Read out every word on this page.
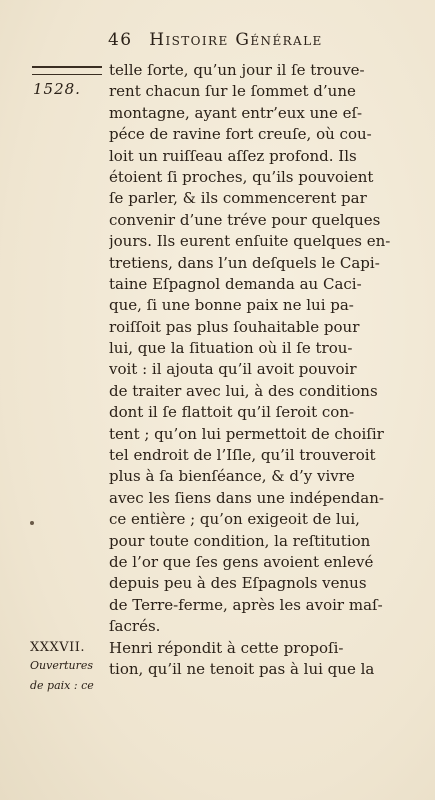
46 Histoire Générale
1528.
telle ſorte, qu’un jour il ſe trouve-
rent chacun ſur le ſommet d’une
montagne, ayant entr’eux une eſ-
péce de ravine fort creuſe, où cou-
loit un ruiſſeau aſſez profond. Ils
étoient ſi proches, qu’ils pouvoient
ſe parler, & ils commencerent par
convenir d’une tréve pour quelques
jours. Ils eurent enſuite quelques en-
tretiens, dans l’un deſquels le Capi-
taine Eſpagnol demanda au Caci-
que, ſi une bonne paix ne lui pa-
roiſſoit pas plus ſouhaitable pour
lui, que la ſituation où il ſe trou-
voit : il ajouta qu’il avoit pouvoir
de traiter avec lui, à des conditions
dont il ſe flattoit qu’il ſeroit con-
tent ; qu’on lui permettoit de choiſir
tel endroit de l’Iſle, qu’il trouveroit
plus à ſa bienſéance, & d’y vivre
avec les ſiens dans une indépendan-
ce entière ; qu’on exigeoit de lui,
pour toute condition, la reſtitution
de l’or que ſes gens avoient enlevé
depuis peu à des Eſpagnols venus
de Terre-ferme, après les avoir maſ-
ſacrés.
Henri répondit à cette propoſi-
tion, qu’il ne tenoit pas à lui que la
XXXVII.
Ouvertures
de paix : ce
